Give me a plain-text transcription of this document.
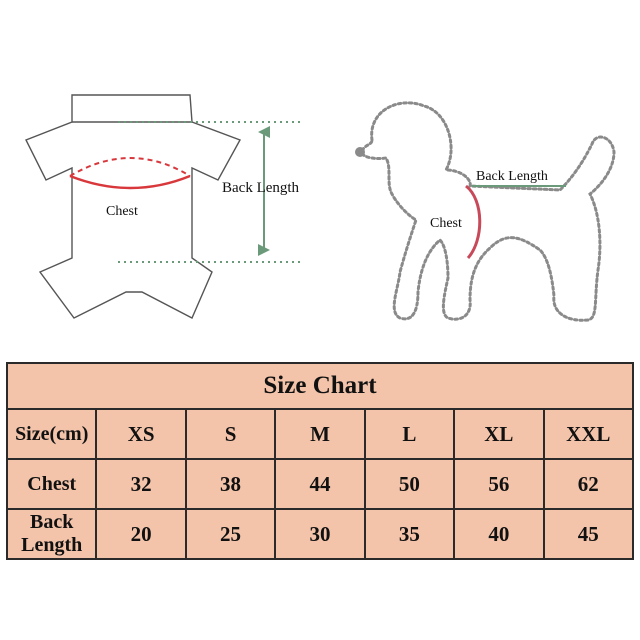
Chest
Back Length
Chest
Back Length
Size Chart						
Size(cm)	XS	S	M	L	XL	XXL
Chest	32	38	44	50	56	62
Back Length	20	25	30	35	40	45
